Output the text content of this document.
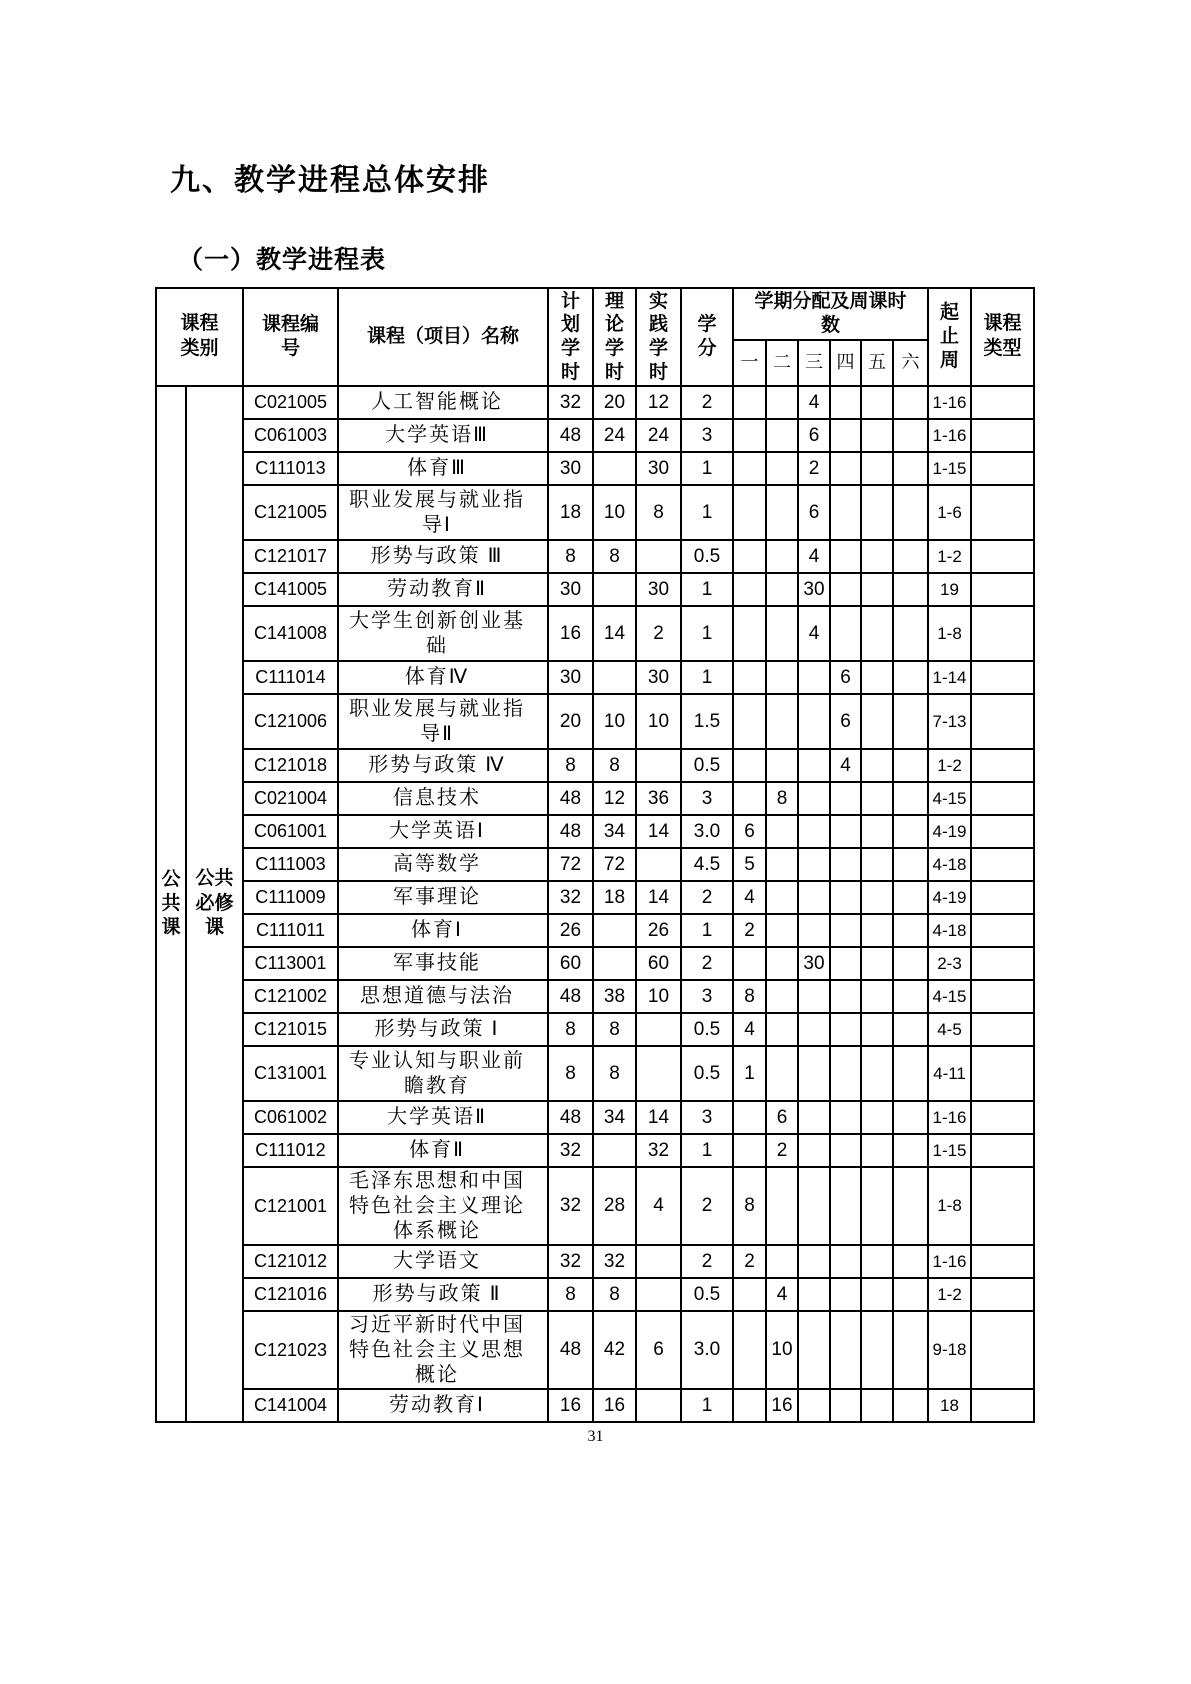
九、教学进程总体安排
（一）教学进程表
课程类别		课程编号	课程（项目）名称	计划学时	理论学时	实践学时	学分	学期分配及周课时数						起止周	课程类型

								一	二	三	四	五	六		

公共课	公共必修课	C021005	人工智能概论	32	20	12	2			4				1-16	
		C061003	大学英语Ⅲ	48	24	24	3			6				1-16	
		C111013	体育Ⅲ	30		30	1			2				1-15	
		C121005	职业发展与就业指导Ⅰ	18	10	8	1			6				1-6	
		C121017	形势与政策 Ⅲ	8	8		0.5			4				1-2	
		C141005	劳动教育Ⅱ	30		30	1			30				19	
		C141008	大学生创新创业基础	16	14	2	1			4				1-8	
		C111014	体育Ⅳ	30		30	1				6			1-14	
		C121006	职业发展与就业指导Ⅱ	20	10	10	1.5				6			7-13	
		C121018	形势与政策 Ⅳ	8	8		0.5				4			1-2	
		C021004	信息技术	48	12	36	3		8					4-15	
		C061001	大学英语Ⅰ	48	34	14	3.0	6						4-19	
		C111003	高等数学	72	72		4.5	5						4-18	
		C111009	军事理论	32	18	14	2	4						4-19	
		C111011	体育Ⅰ	26		26	1	2						4-18	
		C113001	军事技能	60		60	2			30				2-3	
		C121002	思想道德与法治	48	38	10	3	8						4-15	
		C121015	形势与政策 Ⅰ	8	8		0.5	4						4-5	
		C131001	专业认知与职业前瞻教育	8	8		0.5	1						4-11	
		C061002	大学英语Ⅱ	48	34	14	3		6					1-16	
		C111012	体育Ⅱ	32		32	1		2					1-15	
		C121001	毛泽东思想和中国特色社会主义理论体系概论	32	28	4	2	8						1-8	
		C121012	大学语文	32	32		2	2						1-16	
		C121016	形势与政策 Ⅱ	8	8		0.5		4					1-2	
		C121023	习近平新时代中国特色社会主义思想概论	48	42	6	3.0		10					9-18	
		C141004	劳动教育Ⅰ	16	16		1		16					18	
31
